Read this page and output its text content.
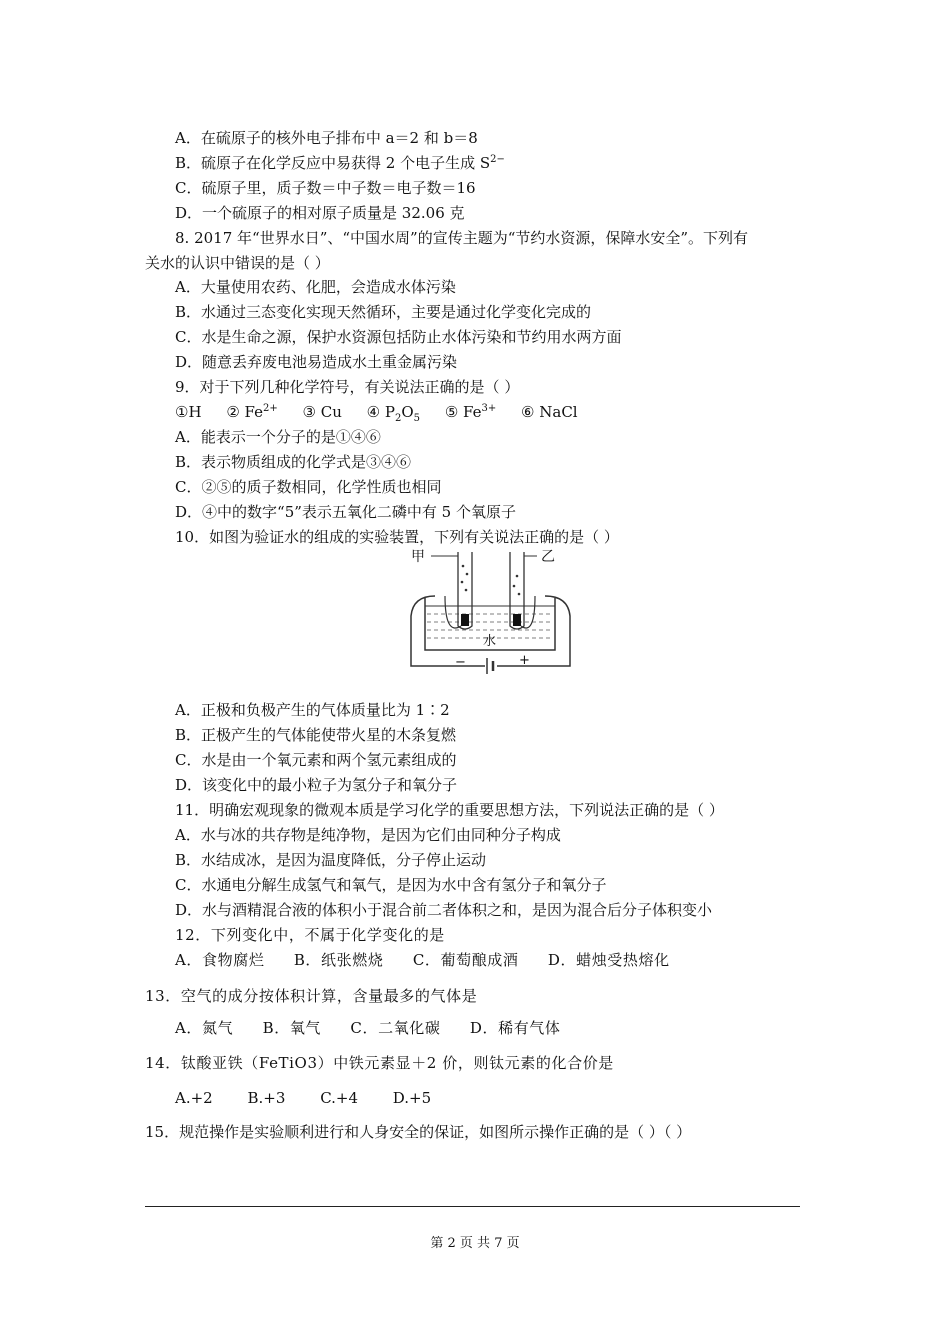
A．在硫原子的核外电子排布中 a＝2 和 b＝8
B．硫原子在化学反应中易获得 2 个电子生成 $S^{2-}$
C．硫原子里，质子数＝中子数＝电子数＝16
D．一个硫原子的相对原子质量是 32.06 克
8. 2017 年“世界水日”、“中国水周”的宣传主题为“节约水资源，保障水安全”。下列有
关水的认识中错误的是（ ）
A．大量使用农药、化肥，会造成水体污染
B．水通过三态变化实现天然循环，主要是通过化学变化完成的
C．水是生命之源，保护水资源包括防止水体污染和节约用水两方面
D．随意丢弃废电池易造成水土重金属污染
9．对于下列几种化学符号，有关说法正确的是（ ）
①H ② $Fe^{2+}$ ③ Cu ④ $P_2O_5$ ⑤ $Fe^{3+}$ ⑥ NaCl
A．能表示一个分子的是①④⑥
B．表示物质组成的化学式是③④⑥
C．②⑤的质子数相同，化学性质也相同
D．④中的数字“5”表示五氧化二磷中有 5 个氧原子
10．如图为验证水的组成的实验装置，下列有关说法正确的是（ ）
甲	乙
水
−	+
A．正极和负极产生的气体质量比为 1∶2
B．正极产生的气体能使带火星的木条复燃
C．水是由一个氧元素和两个氢元素组成的
D．该变化中的最小粒子为氢分子和氧分子
11．明确宏观现象的微观本质是学习化学的重要思想方法，下列说法正确的是（ ）
A．水与冰的共存物是纯净物，是因为它们由同种分子构成
B．水结成冰，是因为温度降低，分子停止运动
C．水通电分解生成氢气和氧气，是因为水中含有氢分子和氧分子
D．水与酒精混合液的体积小于混合前二者体积之和，是因为混合后分子体积变小
12．下列变化中，不属于化学变化的是
A．食物腐烂 B．纸张燃烧 C．葡萄酿成酒 D．蜡烛受热熔化
13．空气的成分按体积计算，含量最多的气体是
A．氮气 B．氧气 C．二氧化碳 D．稀有气体
14．钛酸亚铁（FeTiO3）中铁元素显＋2 价，则钛元素的化合价是
A.+2 B.+3 C.+4 D.+5
15．规范操作是实验顺利进行和人身安全的保证，如图所示操作正确的是（ ）（ ）
第 2 页 共 7 页
